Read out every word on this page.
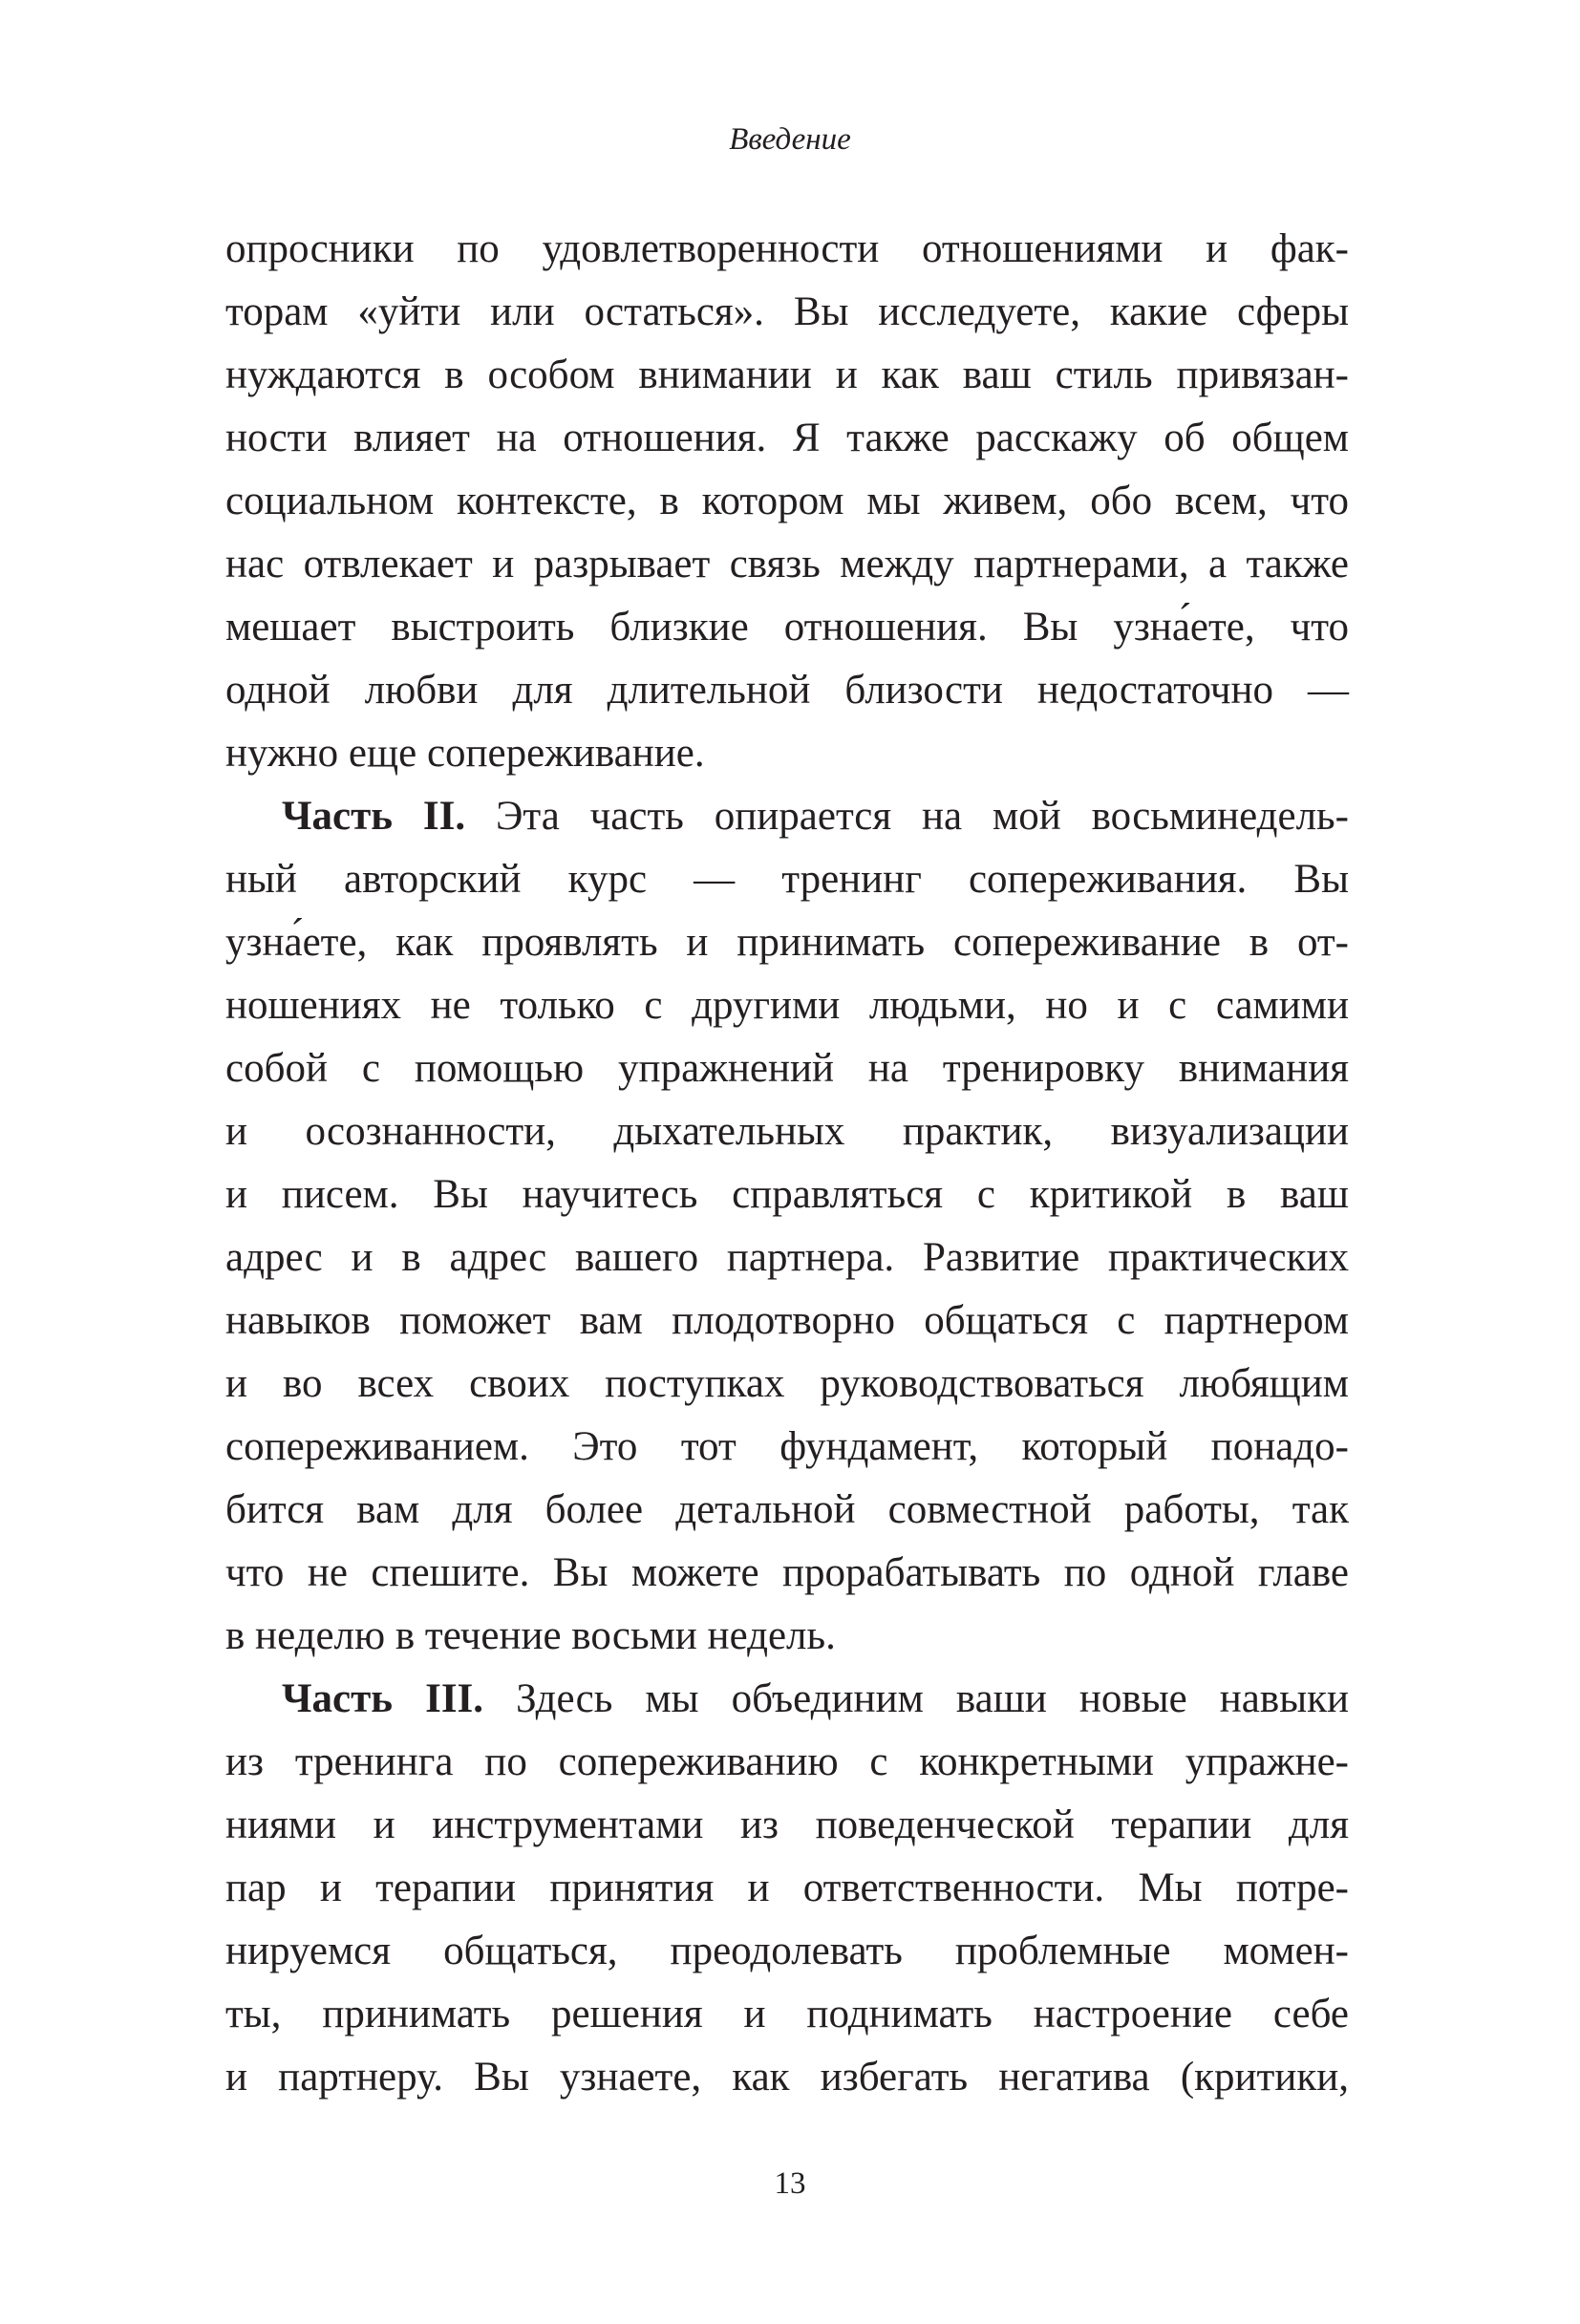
Введение
опросники по удовлетворенности отношениями и фак-
торам «уйти или остаться». Вы исследуете, какие сферы
нуждаются в особом внимании и как ваш стиль привязан-
ности влияет на отношения. Я также расскажу об общем
социальном контексте, в котором мы живем, обо всем, что
нас отвлекает и разрывает связь между партнерами, а также
мешает выстроить близкие отношения. Вы узна́ете, что
одной любви для длительной близости недостаточно —
нужно еще сопереживание.
Часть II. Эта часть опирается на мой восьминедель-
ный авторский курс — тренинг сопереживания. Вы
узна́ете, как проявлять и принимать сопереживание в от-
ношениях не только с другими людьми, но и с самими
собой с помощью упражнений на тренировку внимания
и осознанности, дыхательных практик, визуализации
и писем. Вы научитесь справляться с критикой в ваш
адрес и в адрес вашего партнера. Развитие практических
навыков поможет вам плодотворно общаться с партнером
и во всех своих поступках руководствоваться любящим
сопереживанием. Это тот фундамент, который понадо-
бится вам для более детальной совместной работы, так
что не спешите. Вы можете прорабатывать по одной главе
в неделю в течение восьми недель.
Часть III. Здесь мы объединим ваши новые навыки
из тренинга по сопереживанию с конкретными упражне-
ниями и инструментами из поведенческой терапии для
пар и терапии принятия и ответственности. Мы потре-
нируемся общаться, преодолевать проблемные момен-
ты, принимать решения и поднимать настроение себе
и партнеру. Вы узнаете, как избегать негатива (критики,
13
